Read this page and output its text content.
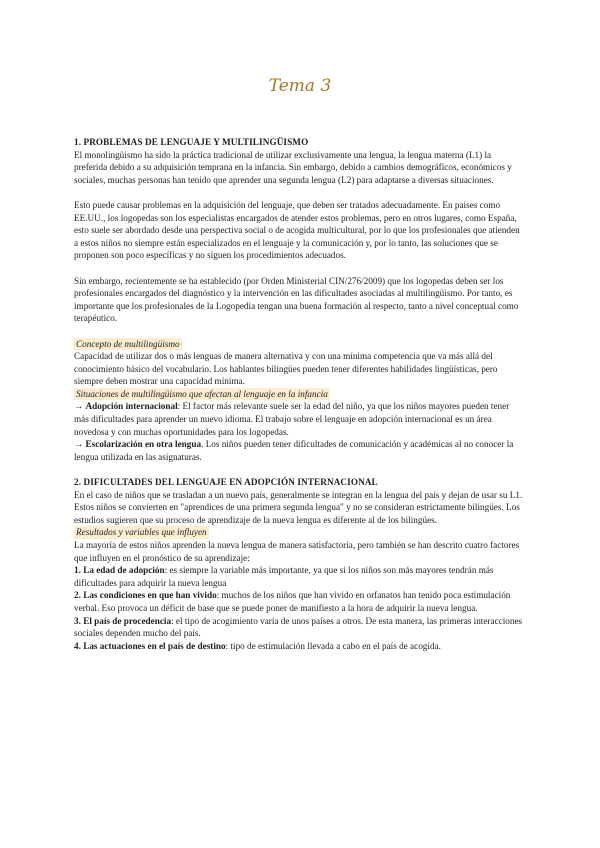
Tema 3

1. PROBLEMAS DE LENGUAJE Y MULTILINGÜISMO

El monolingüismo ha sido la práctica tradicional de utilizar exclusivamente una lengua, la lengua materna (L1) la preferida debido a su adquisición temprana en la infancia. Sin embargo, debido a cambios demográficos, económicos y sociales, muchas personas han tenido que aprender una segunda lengua (L2) para adaptarse a diversas situaciones.

Esto puede causar problemas en la adquisición del lenguaje, que deben ser tratados adecuadamente. En países como EE.UU., los logopedas son los especialistas encargados de atender estos problemas, pero en otros lugares, como España, esto suele ser abordado desde una perspectiva social o de acogida multicultural, por lo que los profesionales que atienden a estos niños no siempre están especializados en el lenguaje y la comunicación y, por lo tanto, las soluciones que se proponen son poco específicas y no siguen los procedimientos adecuados.

Sin embargo, recientemente se ha establecido (por Orden Ministerial CIN/276/2009) que los logopedas deben ser los profesionales encargados del diagnóstico y la intervención en las dificultades asociadas al multilingüismo. Por tanto, es importante que los profesionales de la Logopedia tengan una buena formación al respecto, tanto a nivel conceptual como terapéutico.

Concepto de multilingüismo

Capacidad de utilizar dos o más lenguas de manera alternativa y con una mínima competencia que va más allá del conocimiento básico del vocabulario. Los hablantes bilingües pueden tener diferentes habilidades lingüísticas, pero siempre deben mostrar una capacidad mínima.

Situaciones de multilingüismo que afectan al lenguaje en la infancia

→ Adopción internacional: El factor más relevante suele ser la edad del niño, ya que los niños mayores pueden tener más dificultades para aprender un nuevo idioma. El trabajo sobre el lenguaje en adopción internacional es un área novedosa y con muchas oportunidades para los logopedas.

→ Escolarización en otra lengua. Los niños pueden tener dificultades de comunicación y académicas al no conocer la lengua utilizada en las asignaturas.

2. DIFICULTADES DEL LENGUAJE EN ADOPCIÓN INTERNACIONAL

En el caso de niños que se trasladan a un nuevo país, generalmente se integran en la lengua del país y dejan de usar su L1. Estos niños se convierten en "aprendices de una primera segunda lengua" y no se consideran estrictamente bilingües. Los estudios sugieren que su proceso de aprendizaje de la nueva lengua es diferente al de los bilingües.

Resultados y variables que influyen

La mayoría de estos niños aprenden la nueva lengua de manera satisfactoria, pero también se han descrito cuatro factores que influyen en el pronóstico de su aprendizaje:

1. La edad de adopción: es siempre la variable más importante, ya que si los niños son más mayores tendrán más dificultades para adquirir la nueva lengua

2. Las condiciones en que han vivido: muchos de los niños que han vivido en orfanatos han tenido poca estimulación verbal. Eso provoca un déficit de base que se puede poner de manifiesto a la hora de adquirir la nueva lengua.

3. El país de procedencia: el tipo de acogimiento varía de unos países a otros. De esta manera, las primeras interacciones sociales dependen mucho del país.

4. Las actuaciones en el país de destino: tipo de estimulación llevada a cabo en el país de acogida.
